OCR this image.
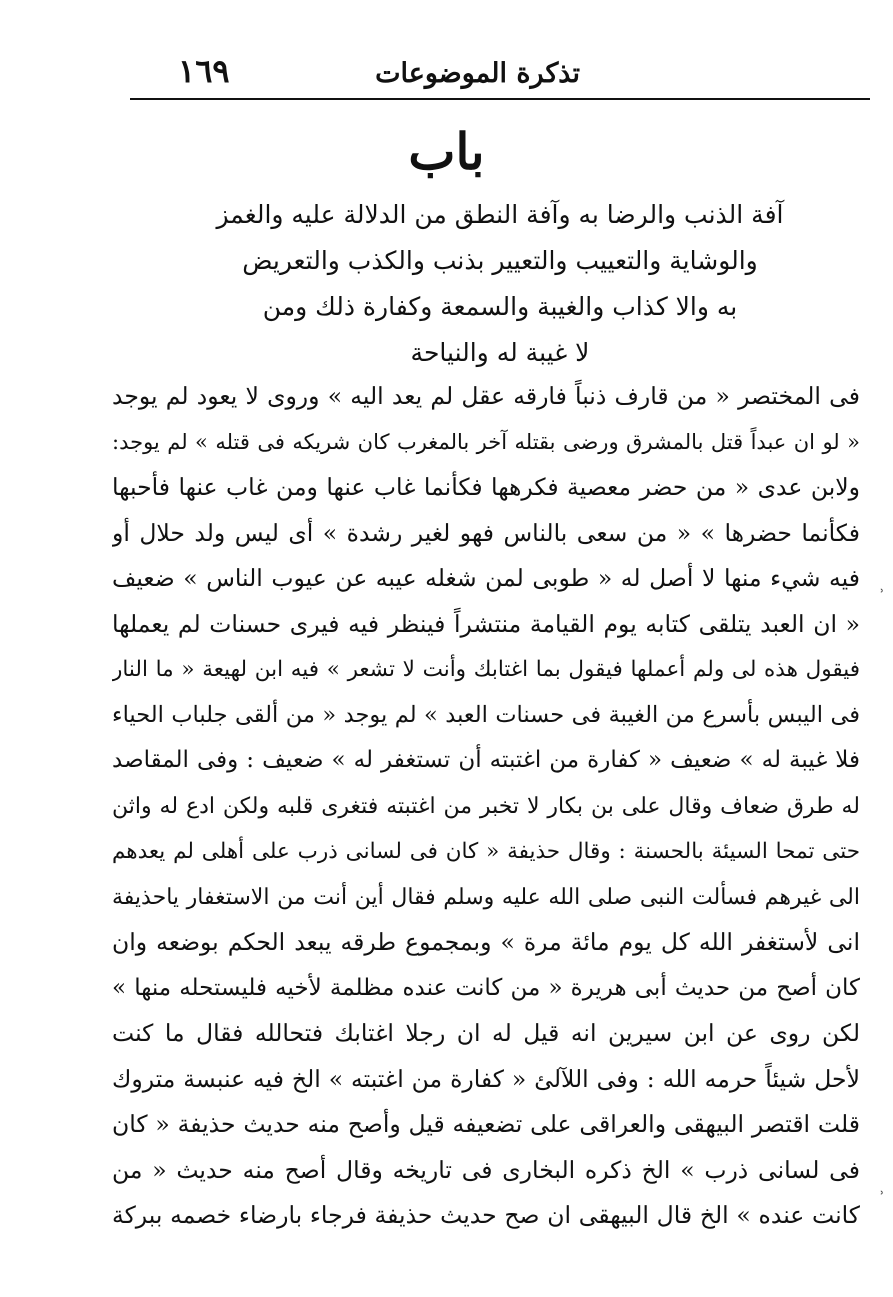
تذكرة الموضوعات
١٦٩
باب
آفة الذنب والرضا به وآفة النطق من الدلالة عليه والغمز
والوشاية والتعييب والتعيير بذنب والكذب والتعريض
به والا كذاب والغيبة والسمعة وكفارة ذلك ومن
لا غيبة له والنياحة
فى المختصر « من قارف ذنباً فارقه عقل لم يعد اليه » وروى لا يعود لم يوجد
« لو ان عبداً قتل بالمشرق ورضى بقتله آخر بالمغرب كان شريكه فى قتله » لم يوجد:
ولابن عدى « من حضر معصية فكرهها فكأنما غاب عنها ومن غاب عنها فأحبها
فكأنما حضرها » « من سعى بالناس فهو لغير رشدة » أى ليس ولد حلال أو
فيه شيء منها لا أصل له « طوبى لمن شغله عيبه عن عيوب الناس » ضعيف
« ان العبد يتلقى كتابه يوم القيامة منتشراً فينظر فيه فيرى حسنات لم يعملها
فيقول هذه لى ولم أعملها فيقول بما اغتابك وأنت لا تشعر » فيه ابن لهيعة « ما النار
فى اليبس بأسرع من الغيبة فى حسنات العبد » لم يوجد « من ألقى جلباب الحياء
فلا غيبة له » ضعيف « كفارة من اغتبته أن تستغفر له » ضعيف : وفى المقاصد
له طرق ضعاف وقال على بن بكار لا تخبر من اغتبته فتغرى قلبه ولكن ادع له واثن
حتى تمحا السيئة بالحسنة : وقال حذيفة « كان فى لسانى ذرب على أهلى لم يعدهم
الى غيرهم فسألت النبى صلى الله عليه وسلم فقال أين أنت من الاستغفار ياحذيفة
انى لأستغفر الله كل يوم مائة مرة » وبمجموع طرقه يبعد الحكم بوضعه وان
كان أصح من حديث أبى هريرة « من كانت عنده مظلمة لأخيه فليستحله منها »
لكن روى عن ابن سيرين انه قيل له ان رجلا اغتابك فتحالله فقال ما كنت
لأحل شيئاً حرمه الله : وفى اللآلئ « كفارة من اغتبته » الخ فيه عنبسة متروك
قلت اقتصر البيهقى والعراقى على تضعيفه قيل وأصح منه حديث حذيفة « كان
فى لسانى ذرب » الخ ذكره البخارى فى تاريخه وقال أصح منه حديث « من
كانت عنده » الخ قال البيهقى ان صح حديث حذيفة فرجاء بارضاء خصمه ببركة
˒
˒
